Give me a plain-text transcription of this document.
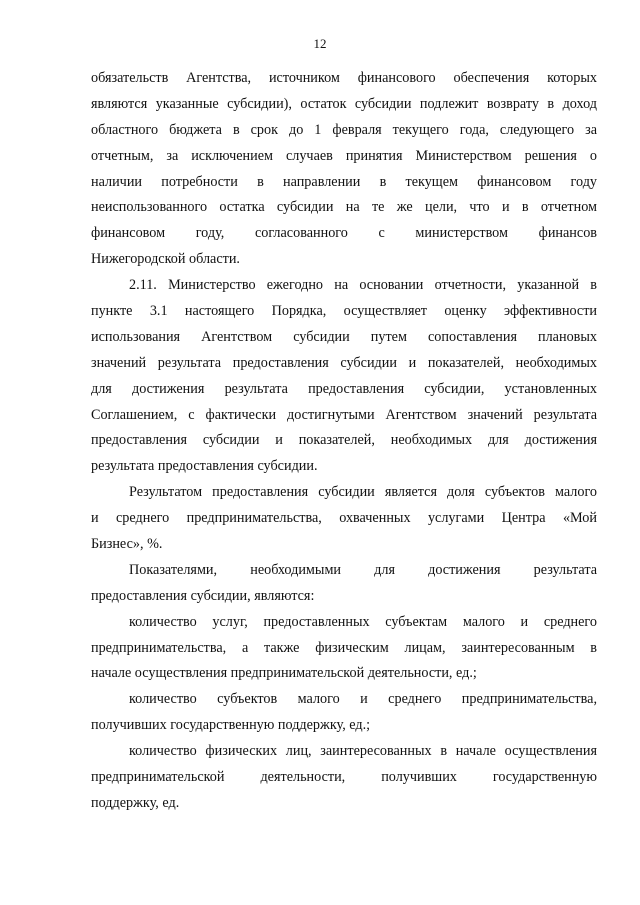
12
обязательств Агентства, источником финансового обеспечения которых
являются указанные субсидии), остаток субсидии подлежит возврату в доход
областного бюджета в срок до 1 февраля текущего года, следующего за
отчетным, за исключением случаев принятия Министерством решения о
наличии потребности в направлении в текущем финансовом году
неиспользованного остатка субсидии на те же цели, что и в отчетном
финансовом году, согласованного с министерством финансов
Нижегородской области.
2.11. Министерство ежегодно на основании отчетности, указанной в
пункте 3.1 настоящего Порядка, осуществляет оценку эффективности
использования Агентством субсидии путем сопоставления плановых
значений результата предоставления субсидии и показателей, необходимых
для достижения результата предоставления субсидии, установленных
Соглашением, с фактически достигнутыми Агентством значений результата
предоставления субсидии и показателей, необходимых для достижения
результата предоставления субсидии.
Результатом предоставления субсидии является доля субъектов малого
и среднего предпринимательства, охваченных услугами Центра «Мой
Бизнес», %.
Показателями, необходимыми для достижения результата
предоставления субсидии, являются:
количество услуг, предоставленных субъектам малого и среднего
предпринимательства, а также физическим лицам, заинтересованным в
начале осуществления предпринимательской деятельности, ед.;
количество субъектов малого и среднего предпринимательства,
получивших государственную поддержку, ед.;
количество физических лиц, заинтересованных в начале осуществления
предпринимательской деятельности, получивших государственную
поддержку, ед.
